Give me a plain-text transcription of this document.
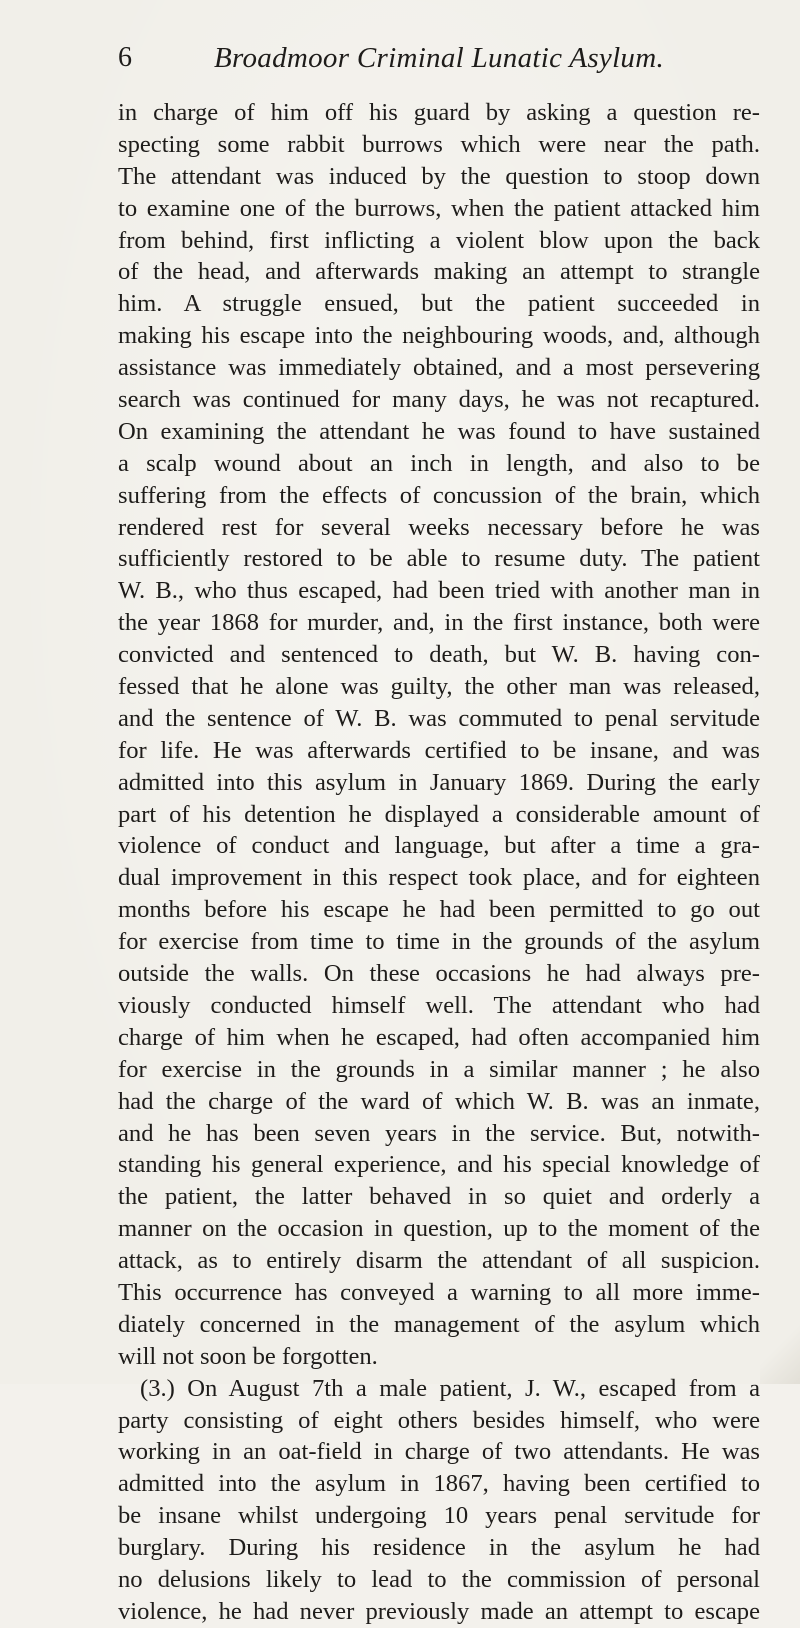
6	Broadmoor Criminal Lunatic Asylum.
in charge of him off his guard by asking a question re-
specting some rabbit burrows which were near the path.
The attendant was induced by the question to stoop down
to examine one of the burrows, when the patient attacked him
from behind, first inflicting a violent blow upon the back
of the head, and afterwards making an attempt to strangle
him. A struggle ensued, but the patient succeeded in
making his escape into the neighbouring woods, and, although
assistance was immediately obtained, and a most persevering
search was continued for many days, he was not recaptured.
On examining the attendant he was found to have sustained
a scalp wound about an inch in length, and also to be
suffering from the effects of concussion of the brain, which
rendered rest for several weeks necessary before he was
sufficiently restored to be able to resume duty. The patient
W. B., who thus escaped, had been tried with another man in
the year 1868 for murder, and, in the first instance, both were
convicted and sentenced to death, but W. B. having con-
fessed that he alone was guilty, the other man was released,
and the sentence of W. B. was commuted to penal servitude
for life. He was afterwards certified to be insane, and was
admitted into this asylum in January 1869. During the early
part of his detention he displayed a considerable amount of
violence of conduct and language, but after a time a gra-
dual improvement in this respect took place, and for eighteen
months before his escape he had been permitted to go out
for exercise from time to time in the grounds of the asylum
outside the walls. On these occasions he had always pre-
viously conducted himself well. The attendant who had
charge of him when he escaped, had often accompanied him
for exercise in the grounds in a similar manner ; he also
had the charge of the ward of which W. B. was an inmate,
and he has been seven years in the service. But, notwith-
standing his general experience, and his special knowledge of
the patient, the latter behaved in so quiet and orderly a
manner on the occasion in question, up to the moment of the
attack, as to entirely disarm the attendant of all suspicion.
This occurrence has conveyed a warning to all more imme-
diately concerned in the management of the asylum which
will not soon be forgotten.
(3.) On August 7th a male patient, J. W., escaped from a
party consisting of eight others besides himself, who were
working in an oat-field in charge of two attendants. He was
admitted into the asylum in 1867, having been certified to
be insane whilst undergoing 10 years penal servitude for
burglary. During his residence in the asylum he had
no delusions likely to lead to the commission of personal
violence, he had never previously made an attempt to escape
